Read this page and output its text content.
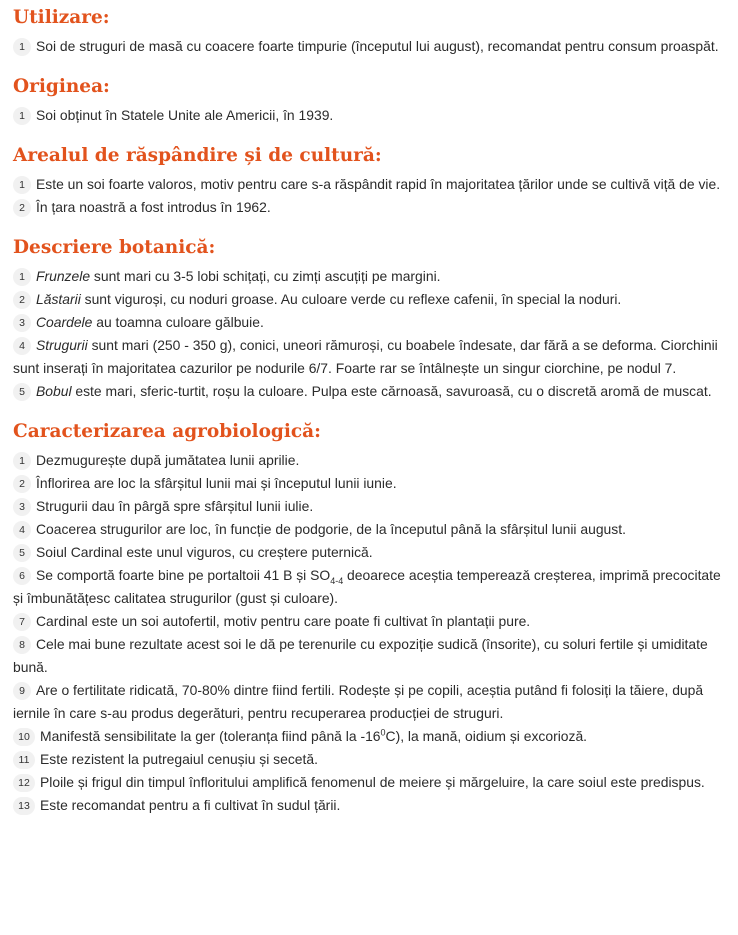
Utilizare:
1 Soi de struguri de masă cu coacere foarte timpurie (începutul lui august), recomandat pentru consum proaspăt.
Originea:
1 Soi obținut în Statele Unite ale Americii, în 1939.
Arealul de răspândire și de cultură:
1 Este un soi foarte valoros, motiv pentru care s-a răspândit rapid în majoritatea țărilor unde se cultivă viță de vie.
2 În țara noastră a fost introdus în 1962.
Descriere botanică:
1 Frunzele sunt mari cu 3-5 lobi schițați, cu zimți ascuțiți pe margini.
2 Lăstarii sunt viguroși, cu noduri groase. Au culoare verde cu reflexe cafenii, în special la noduri.
3 Coardele au toamna culoare gălbuie.
4 Strugurii sunt mari (250 - 350 g), conici, uneori rămuroși, cu boabele îndesate, dar fără a se deforma. Ciorchinii sunt inserați în majoritatea cazurilor pe nodurile 6/7. Foarte rar se întâlnește un singur ciorchine, pe nodul 7.
5 Bobul este mari, sferic-turtit, roșu la culoare. Pulpa este cărnoasă, savuroasă, cu o discretă aromă de muscat.
Caracterizarea agrobiologică:
1 Dezmugurește după jumătatea lunii aprilie.
2 Înflorirea are loc la sfârșitul lunii mai și începutul lunii iunie.
3 Strugurii dau în pârgă spre sfârșitul lunii iulie.
4 Coacerea strugurilor are loc, în funcție de podgorie, de la începutul până la sfârșitul lunii august.
5 Soiul Cardinal este unul viguros, cu creștere puternică.
6 Se comportă foarte bine pe portaltoii 41 B și $SO_{4-4}$ deoarece aceștia tempereazǎ creșterea, imprimă precocitate și îmbunătățesc calitatea strugurilor (gust și culoare).
7 Cardinal este un soi autofertil, motiv pentru care poate fi cultivat în plantații pure.
8 Cele mai bune rezultate acest soi le dă pe terenurile cu expoziție sudică (însorite), cu soluri fertile și umiditate bună.
9 Are o fertilitate ridicată, 70-80% dintre fiind fertili. Rodește și pe copili, aceștia putând fi folosiți la tăiere, după iernile în care s-au produs degerături, pentru recuperarea producției de struguri.
10 Manifestă sensibilitate la ger (toleranța fiind până la $-16^0C$), la mană, oidium și excorioză.
11 Este rezistent la putregaiul cenușiu și secetă.
12 Ploile și frigul din timpul înfloritului amplifică fenomenul de meiere și mărgeluire, la care soiul este predispus.
13 Este recomandat pentru a fi cultivat în sudul țării.
